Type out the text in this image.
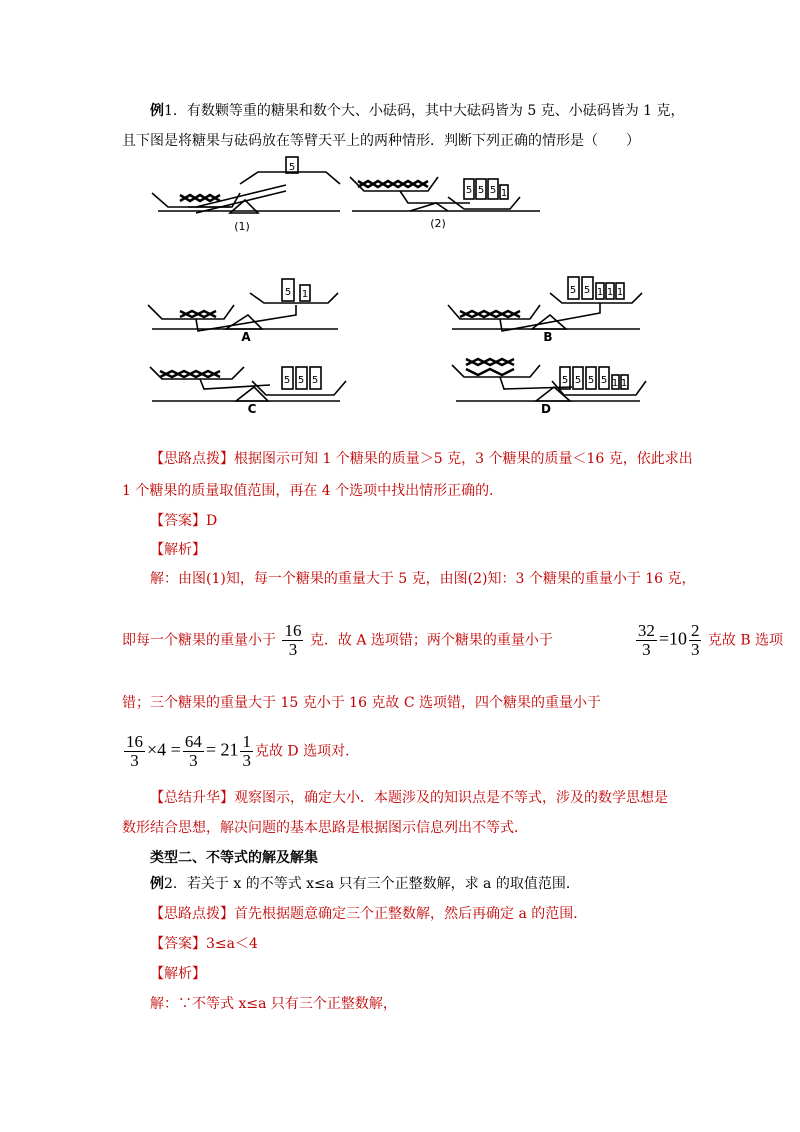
例1．有数颗等重的糖果和数个大、小砝码，其中大砝码皆为 5 克、小砝码皆为 1 克，
且下图是将糖果与砝码放在等臂天平上的两种情形．判断下列正确的情形是（　　）
5
5 5 5 1
5 1	5 5 1 1 1
5 5 5	5 5 5 5 1 1
(1)	(2)
A	B
C	D
【思路点拨】根据图示可知 1 个糖果的质量＞5 克，3 个糖果的质量＜16 克，依此求出
1 个糖果的质量取值范围，再在 4 个选项中找出情形正确的．
【答案】D
【解析】
解：由图(1)知，每一个糖果的重量大于 5 克，由图(2)知：3 个糖果的重量小于 16 克，
即每一个糖果的重量小于 $\frac{16}{3}$ 克．故 A 选项错；两个糖果的重量小于	$\frac{32}{3} =10 \frac{2}{3}$ 克故 B 选项
错；三个糖果的重量大于 15 克小于 16 克故 C 选项错，四个糖果的重量小于
$\frac{16}{3} \times 4 = \frac{64}{3} = 21 \frac{1}{3}$ 克故 D 选项对．
【总结升华】观察图示，确定大小．本题涉及的知识点是不等式，涉及的数学思想是
数形结合思想，解决问题的基本思路是根据图示信息列出不等式．
类型二、不等式的解及解集
例2．若关于 x 的不等式 x≤a 只有三个正整数解，求 a 的取值范围．
【思路点拨】首先根据题意确定三个正整数解，然后再确定 a 的范围．
【答案】3≤a＜4
【解析】
解：∵不等式 x≤a 只有三个正整数解，
